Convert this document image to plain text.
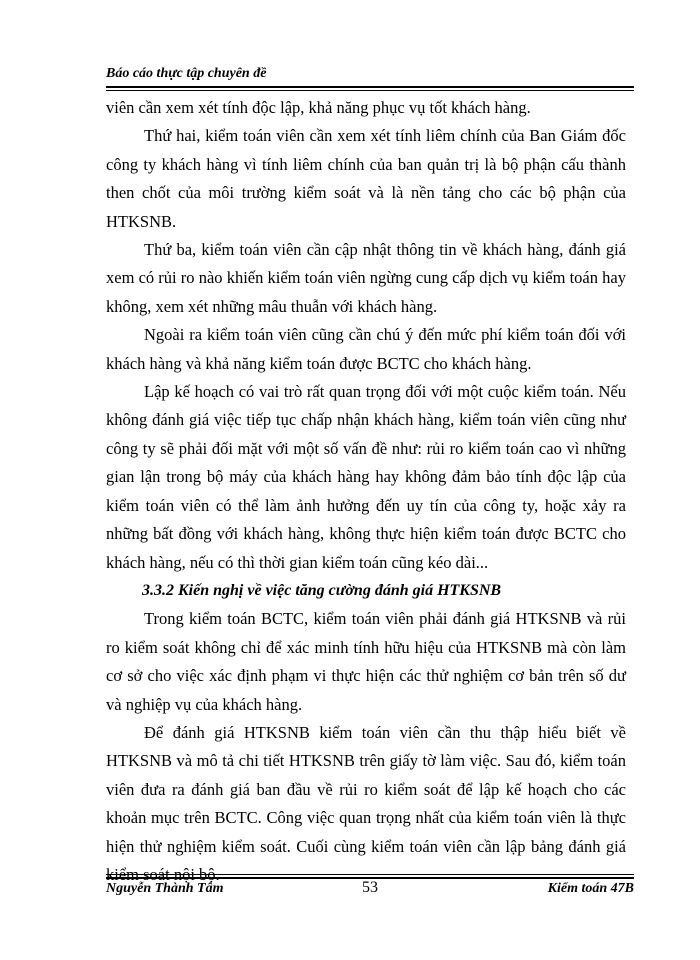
Báo cáo thực tập chuyên đề

viên cần xem xét tính độc lập, khả năng phục vụ tốt khách hàng.

Thứ hai, kiểm toán viên cần xem xét tính liêm chính của Ban Giám đốc công ty khách hàng vì tính liêm chính của ban quản trị là bộ phận cấu thành then chốt của môi trường kiểm soát và là nền tảng cho các bộ phận của HTKSNB.

Thứ ba, kiểm toán viên cần cập nhật thông tin về khách hàng, đánh giá xem có rủi ro nào khiến kiểm toán viên ngừng cung cấp dịch vụ kiểm toán hay không, xem xét những mâu thuẫn với khách hàng.

Ngoài ra kiểm toán viên cũng cần chú ý đến mức phí kiểm toán đối với khách hàng và khả năng kiểm toán được BCTC cho khách hàng.

Lập kế hoạch có vai trò rất quan trọng đối với một cuộc kiểm toán. Nếu không đánh giá việc tiếp tục chấp nhận khách hàng, kiểm toán viên cũng như công ty sẽ phải đối mặt với một số vấn đề như: rủi ro kiểm toán cao vì những gian lận trong bộ máy của khách hàng hay không đảm bảo tính độc lập của kiểm toán viên có thể làm ảnh hưởng đến uy tín của công ty, hoặc xảy ra những bất đồng với khách hàng, không thực hiện kiểm toán được BCTC cho khách hàng, nếu có thì thời gian kiểm toán cũng kéo dài...

3.3.2 Kiến nghị về việc tăng cường đánh giá HTKSNB

Trong kiểm toán BCTC, kiểm toán viên phải đánh giá HTKSNB và rủi ro kiểm soát không chỉ để xác minh tính hữu hiệu của HTKSNB mà còn làm cơ sở cho việc xác định phạm vi thực hiện các thử nghiệm cơ bản trên số dư và nghiệp vụ của khách hàng.

Để đánh giá HTKSNB kiểm toán viên cần thu thập hiểu biết về HTKSNB và mô tả chi tiết HTKSNB trên giấy tờ làm việc. Sau đó, kiểm toán viên đưa ra đánh giá ban đầu về rủi ro kiểm soát để lập kế hoạch cho các khoản mục trên BCTC. Công việc quan trọng nhất của kiểm toán viên là thực hiện thử nghiệm kiểm soát. Cuối cùng kiểm toán viên cần lập bảng đánh giá

Nguyễn Thành Tâm	53	Kiểm toán 47B
